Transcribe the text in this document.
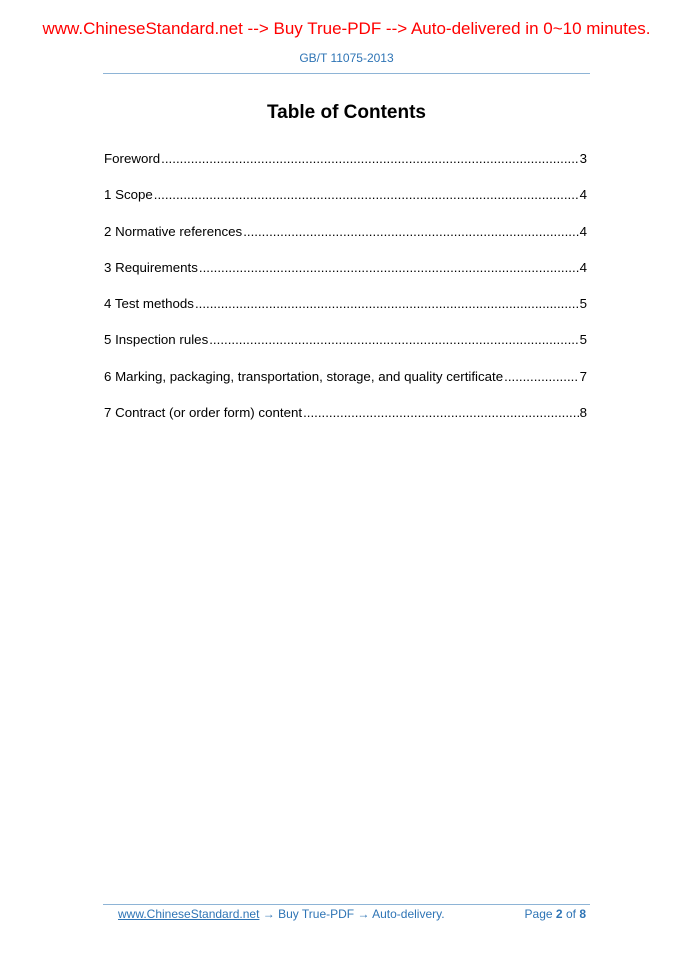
www.ChineseStandard.net --> Buy True-PDF --> Auto-delivered in 0~10 minutes.
GB/T 11075-2013
Table of Contents
Foreword .....	3
1 Scope .....	4
2 Normative references .....	4
3 Requirements .....	4
4 Test methods .....	5
5 Inspection rules .....	5
6 Marking, packaging, transportation, storage, and quality certificate .....	7
7 Contract (or order form) content .....	8
www.ChineseStandard.net → Buy True-PDF → Auto-delivery.	Page 2 of 8
